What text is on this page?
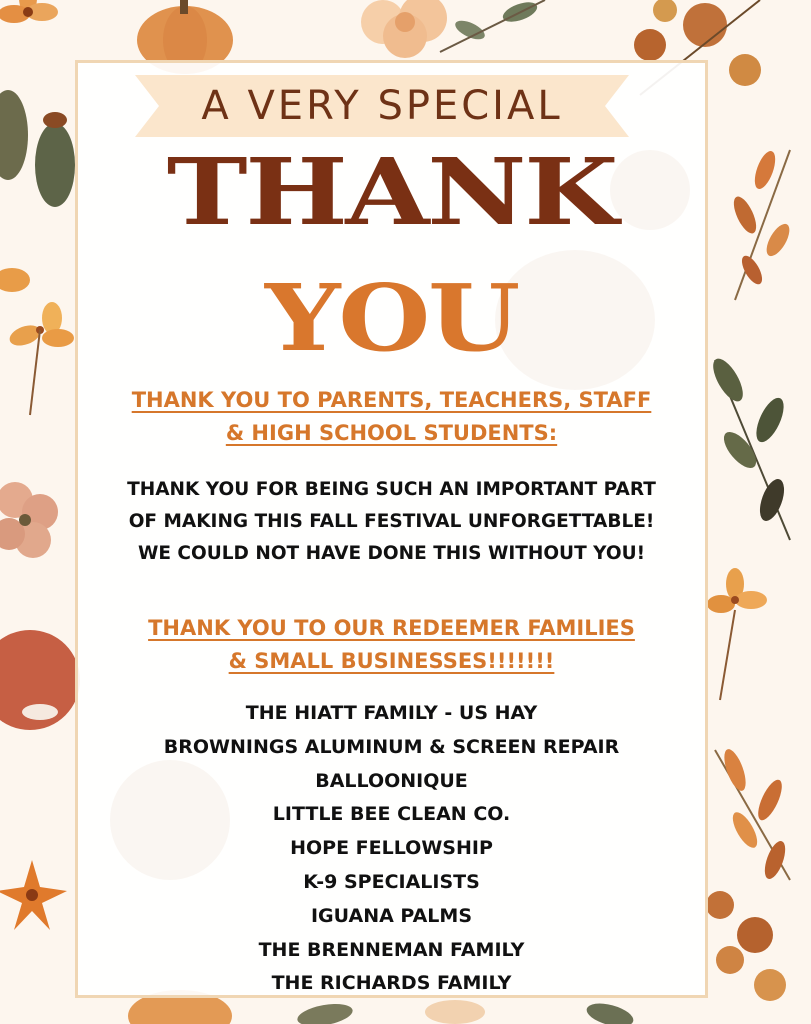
A VERY SPECIAL
THANK
YOU
THANK YOU TO PARENTS, TEACHERS, STAFF
& HIGH SCHOOL STUDENTS:
THANK YOU FOR BEING SUCH AN IMPORTANT PART
OF MAKING THIS FALL FESTIVAL UNFORGETTABLE!
WE COULD NOT HAVE DONE THIS WITHOUT YOU!
THANK YOU TO OUR REDEEMER FAMILIES
& SMALL BUSINESSES!!!!!!!
THE HIATT FAMILY - US HAY
BROWNINGS ALUMINUM & SCREEN REPAIR
BALLOONIQUE
LITTLE BEE CLEAN CO.
HOPE FELLOWSHIP
K-9 SPECIALISTS
IGUANA PALMS
THE BRENNEMAN FAMILY
THE RICHARDS FAMILY
